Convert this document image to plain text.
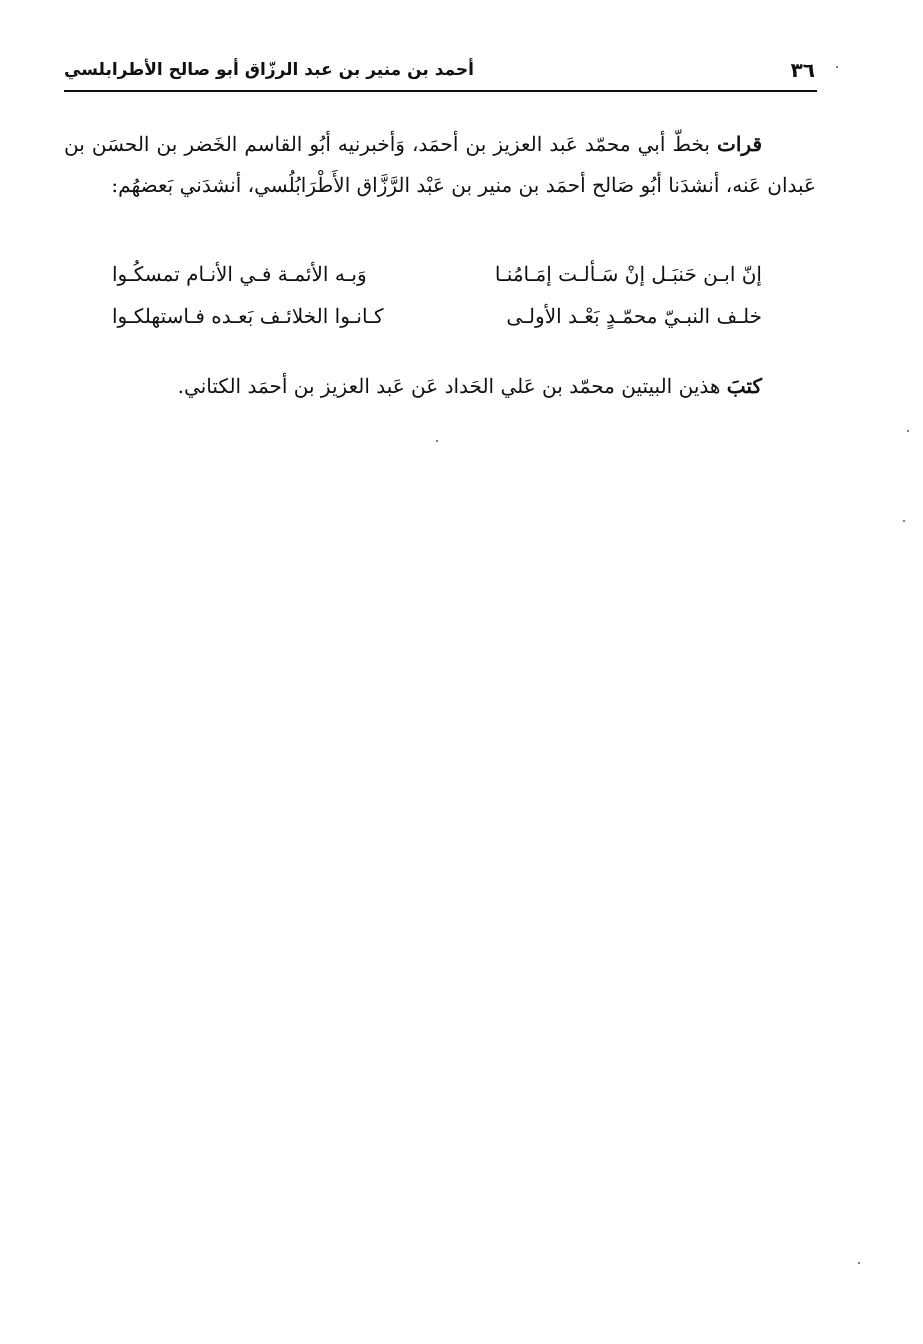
أحمد بن منير بن عبد الرزّاق أبو صالح الأطرابلسي	٣٦

قرات بخطّ أبي محمّد عَبد العزيز بن أحمَد، وَأخبرنيه أبُو القاسم الخَضر بن الحسَن بن عَبدان عَنه، أنشدَنا أبُو صَالح أحمَد بن منير بن عَبْد الرَّزَّاق الأَطْرَابُلُسي، أنشدَني بَعضهُم:

إنّ ابـن حَنبَـل إنْ سَـألـت إمَـامُنـا
وَبـه الأئمـة فـي الأنـام تمسكُـوا
خلـف النبـيّ محمّـدٍ بَعْـد الأولـى
كـانـوا الخلائـف بَعـده فـاستهلكـوا
كتبَ هذين البيتين محمّد بن عَلي الحَداد عَن عَبد العزيز بن أحمَد الكتاني.
